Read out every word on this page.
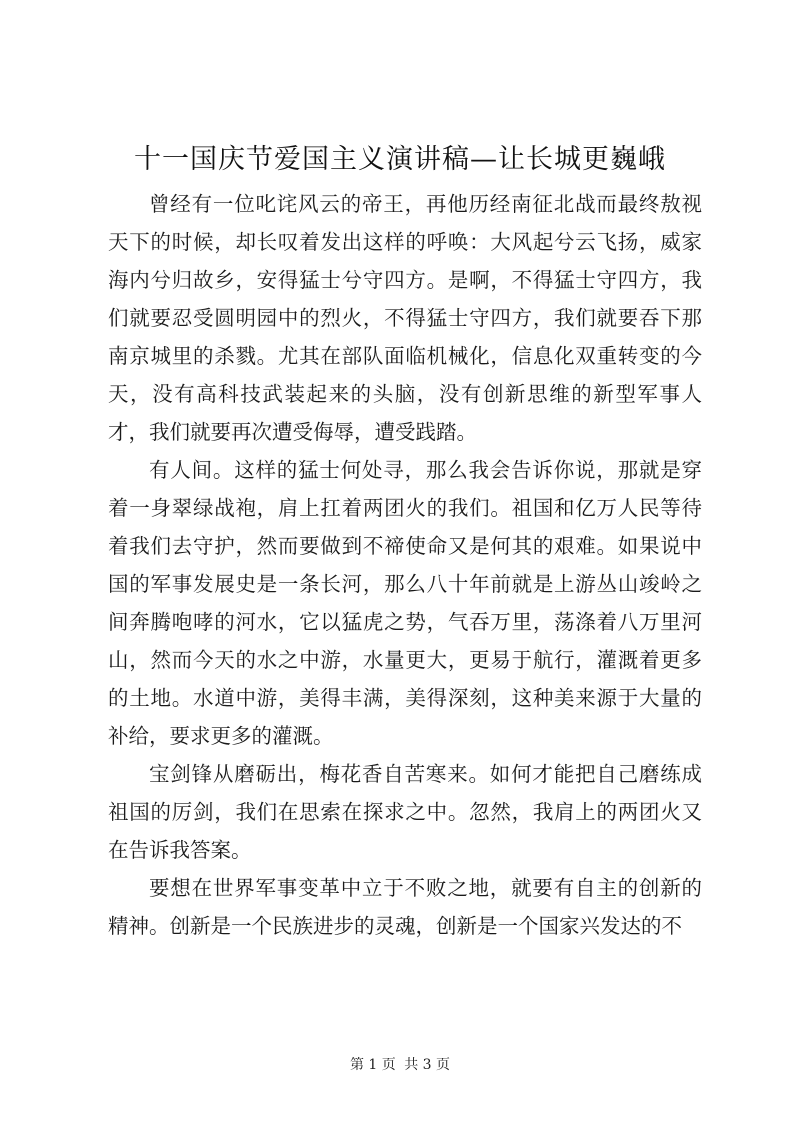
十一国庆节爱国主义演讲稿—让长城更巍峨

曾经有一位叱诧风云的帝王，再他历经南征北战而最终敖视天下的时候，却长叹着发出这样的呼唤：大风起兮云飞扬，威家海内兮归故乡，安得猛士兮守四方。是啊，不得猛士守四方，我们就要忍受圆明园中的烈火，不得猛士守四方，我们就要吞下那南京城里的杀戮。尤其在部队面临机械化，信息化双重转变的今天，没有高科技武装起来的头脑，没有创新思维的新型军事人才，我们就要再次遭受侮辱，遭受践踏。

有人间。这样的猛士何处寻，那么我会告诉你说，那就是穿着一身翠绿战袍，肩上扛着两团火的我们。祖国和亿万人民等待着我们去守护，然而要做到不禘使命又是何其的艰难。如果说中国的军事发展史是一条长河，那么八十年前就是上游丛山竣岭之间奔腾咆哮的河水，它以猛虎之势，气吞万里，荡涤着八万里河山，然而今天的水之中游，水量更大，更易于航行，灌溉着更多的土地。水道中游，美得丰满，美得深刻，这种美来源于大量的补给，要求更多的灌溉。

宝剑锋从磨砺出，梅花香自苦寒来。如何才能把自己磨练成祖国的厉剑，我们在思索在探求之中。忽然，我肩上的两团火又在告诉我答案。

要想在世界军事变革中立于不败之地，就要有自主的创新的精神。创新是一个民族进步的灵魂，创新是一个国家兴发达的不

第 1 页 共 3 页
